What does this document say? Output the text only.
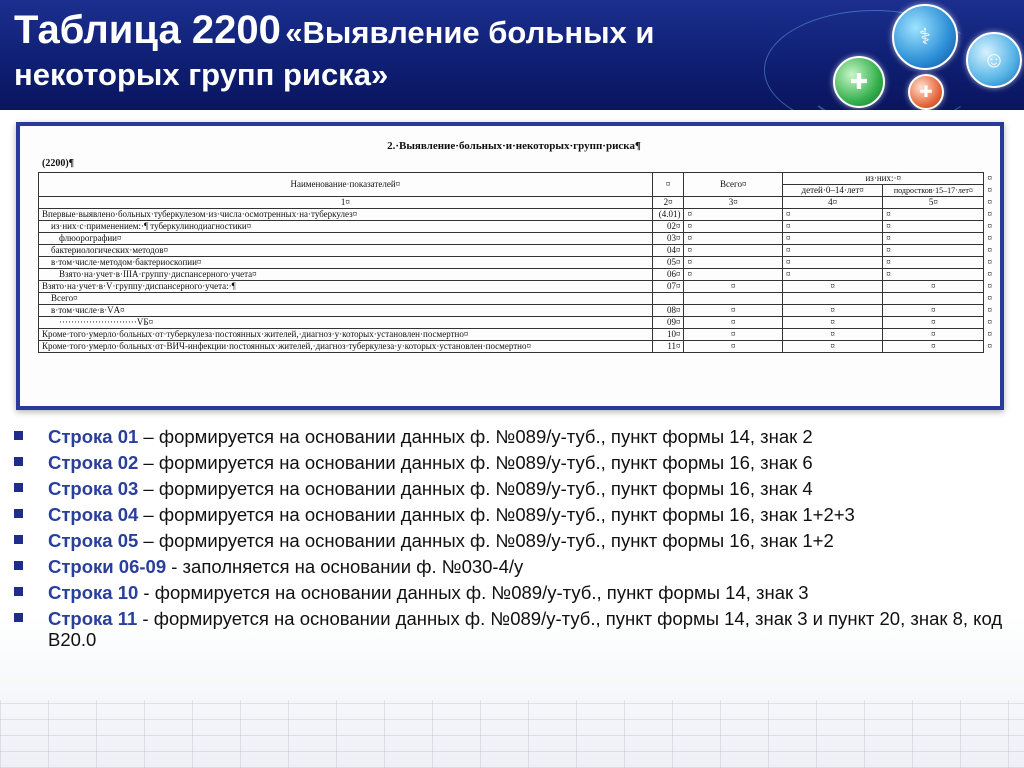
Таблица 2200 «Выявление больных и
некоторых групп риска»
⚕
☺
✚	✚
2.·Выявление·больных·и·некоторых·групп·риска¶
(2200)¶
Наименование·показателей¤	¤	Всего¤	из·них:·¤		¤
			детей·0–14·лет¤	подростков·15–17·лет¤	¤
1¤	2¤	3¤	4¤	5¤	¤
Впервые·выявлено·больных·туберкулезом·из·числа·осмотренных·на·туберкулез¤	(4.01)	¤	¤	¤	¤
из·них·с·применением:·¶ туберкулинодиагностики¤	02¤	¤	¤	¤	¤
флюорографии¤	03¤	¤	¤	¤	¤
бактериологических·методов¤	04¤	¤	¤	¤	¤
в·том·числе·методом·бактериоскопии¤	05¤	¤	¤	¤	¤
Взято·на·учет·в·IIIА·группу·диспансерного·учета¤	06¤	¤	¤	¤	¤
Взято·на·учет·в·V·группу·диспансерного·учета:·¶	07¤	¤	¤	¤	¤
Всего¤					¤
в·том·числе·в·VА¤	08¤	¤	¤	¤	¤
··························VБ¤	09¤	¤	¤	¤	¤
Кроме·того·умерло·больных·от·туберкулеза·постоянных·жителей,·диагноз·у·которых·установлен·посмертно¤	10¤	¤	¤	¤	¤
Кроме·того·умерло·больных·от·ВИЧ-инфекции·постоянных·жителей,·диагноз·туберкулеза·у·которых·установлен·посмертно¤	11¤	¤	¤	¤	¤
Строка 01 – формируется на основании данных ф. №089/у-туб., пункт формы 14, знак 2
Строка 02 – формируется на основании данных ф. №089/у-туб., пункт формы 16, знак 6
Строка 03 – формируется на основании данных ф. №089/у-туб., пункт формы 16, знак 4
Строка 04 – формируется на основании данных ф. №089/у-туб., пункт формы 16, знак 1+2+3
Строка 05 – формируется на основании данных ф. №089/у-туб., пункт формы 16, знак 1+2
Строки 06-09 - заполняется на основании ф. №030-4/у
Строка 10 - формируется на основании данных ф. №089/у-туб., пункт формы 14, знак 3
Строка 11 - формируется на основании данных ф. №089/у-туб., пункт формы 14, знак 3 и пункт 20, знак 8, код В20.0
